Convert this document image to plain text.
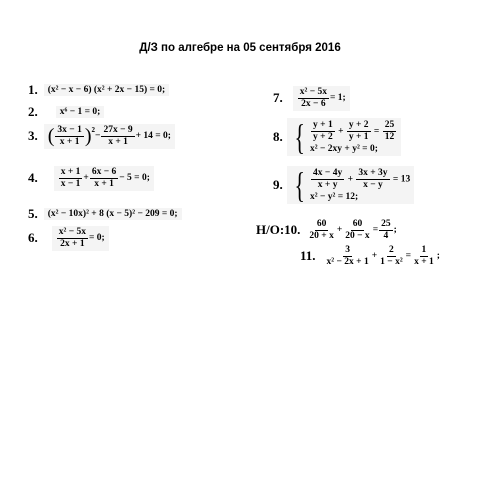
Д/З по алгебре на 05 сентября 2016
1.	(x² − x − 6) (x² + 2x − 15) = 0;
2.	x⁶ − 1 = 0;
3. ( $\frac{3x - 1}{x + 1}$ ) 2
− $\frac{27x - 9}{x + 1} + 14 = 0$;
4. $\frac{x + 1}{x - 1} + \frac{6x - 6}{x + 1} - 5 = 0$;
5.	(x² − 10x)² + 8 (x − 5)² − 209 = 0;
6. $\frac{\text{x² − 5x}}{2x + 1} = 0$;
7. $\frac{\text{x² − 5x}}{2x - 6} = 1$;
8. { $\frac{y + 1}{y + 2} + \frac{y + 2}{y + 1} = \frac{25}{12}$
x² − 2xy + y² = 0;
9. { $\frac{4x - 4y}{x + y} + \frac{3x + 3y}{x - y} = 13$
x² − y² = 12;
Н/О:10. $\frac{60}{20 + x} + \frac{60}{20 - x} = \frac{25}{4}$ ;
11. $\frac{3}{\text{x² − 2x + 1}} + \frac{2}{\text{1 − x²}} = \frac{1}{x + 1}$ ;
